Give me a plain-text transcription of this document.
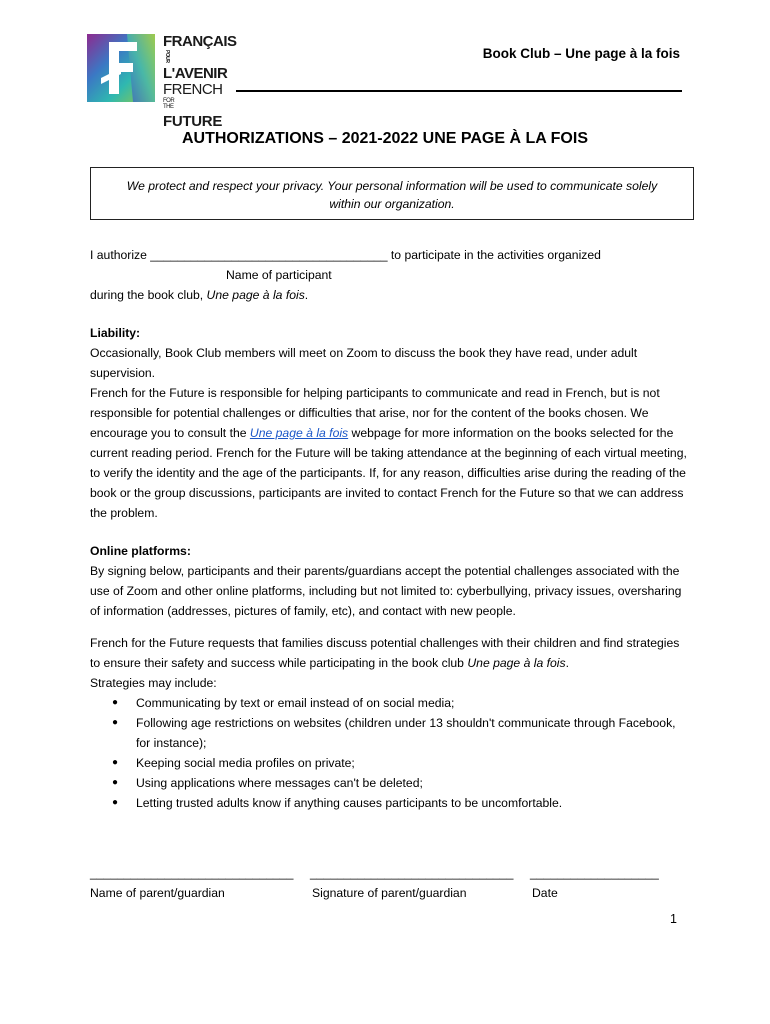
FRANÇAISPOUR
L'AVENIR
FRENCHFOR
THE
FUTURE
Book Club – Une page à la fois
AUTHORIZATIONS – 2021-2022 UNE PAGE À LA FOIS
We protect and respect your privacy. Your personal information will be used to communicate solely within our organization.

I authorize ___________________________________ to participate in the activities organized

Name of participant

during the book club, Une page à la fois.

Liability:

Occasionally, Book Club members will meet on Zoom to discuss the book they have read, under adult supervision.

French for the Future is responsible for helping participants to communicate and read in French, but is not responsible for potential challenges or difficulties that arise, nor for the content of the books chosen. We encourage you to consult the Une page à la fois webpage for more information on the books selected for the current reading period. French for the Future will be taking attendance at the beginning of each virtual meeting, to verify the identity and the age of the participants. If, for any reason, difficulties arise during the reading of the book or the group discussions, participants are invited to contact French for the Future so that we can address the problem.

Online platforms:

By signing below, participants and their parents/guardians accept the potential challenges associated with the use of Zoom and other online platforms, including but not limited to: cyberbullying, privacy issues, oversharing of information (addresses, pictures of family, etc), and contact with new people.

French for the Future requests that families discuss potential challenges with their children and find strategies to ensure their safety and success while participating in the book club Une page à la fois.

Strategies may include:

● Communicating by text or email instead of on social media;
● Following age restrictions on websites (children under 13 shouldn't communicate through Facebook, for instance);
● Keeping social media profiles on private;
● Using applications where messages can't be deleted;
● Letting trusted adults know if anything causes participants to be uncomfortable.
______________________________
Name of parent/guardian
______________________________
Signature of parent/guardian
___________________
Date
1
